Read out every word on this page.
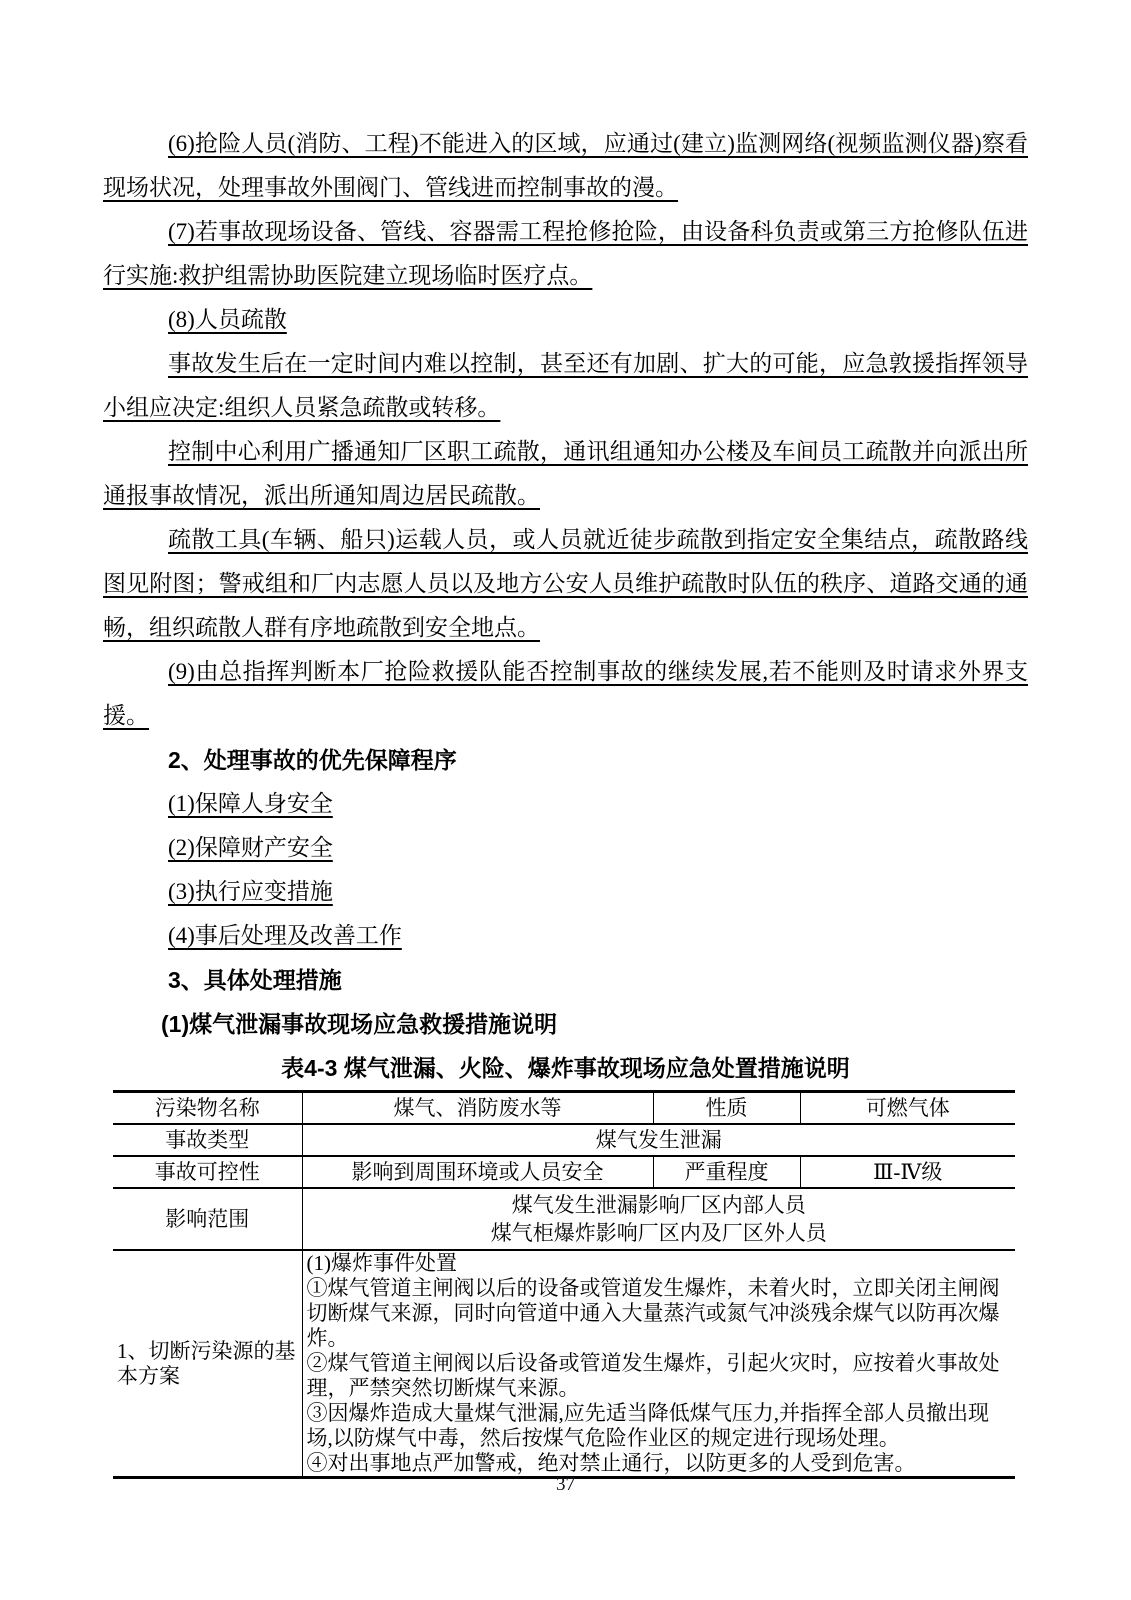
(6)抢险人员(消防、工程)不能进入的区域，应通过(建立)监测网络(视频监测仪器)察看现场状况，处理事故外围阀门、管线进而控制事故的漫。

(7)若事故现场设备、管线、容器需工程抢修抢险，由设备科负责或第三方抢修队伍进行实施:救护组需协助医院建立现场临时医疗点。

(8)人员疏散

事故发生后在一定时间内难以控制，甚至还有加剧、扩大的可能，应急敦援指挥领导小组应决定:组织人员紧急疏散或转移。

控制中心利用广播通知厂区职工疏散，通讯组通知办公楼及车间员工疏散并向派出所通报事故情况，派出所通知周边居民疏散。

疏散工具(车辆、船只)运载人员，或人员就近徒步疏散到指定安全集结点，疏散路线图见附图；警戒组和厂内志愿人员以及地方公安人员维护疏散时队伍的秩序、道路交通的通畅，组织疏散人群有序地疏散到安全地点。

(9)由总指挥判断本厂抢险救援队能否控制事故的继续发展,若不能则及时请求外界支援。

2、处理事故的优先保障程序

(1)保障人身安全

(2)保障财产安全

(3)执行应变措施

(4)事后处理及改善工作

3、具体处理措施

(1)煤气泄漏事故现场应急救援措施说明

表4-3 煤气泄漏、火险、爆炸事故现场应急处置措施说明
污染物名称	煤气、消防废水等	性质	可燃气体
事故类型	煤气发生泄漏		
事故可控性	影响到周围环境或人员安全	严重程度	Ⅲ-Ⅳ级
影响范围	煤气发生泄漏影响厂区内部人员
煤气柜爆炸影响厂区内及厂区外人员		

1、切断污染源的基本方案	(1)爆炸事件处置
①煤气管道主闸阀以后的设备或管道发生爆炸，未着火时，立即关闭主闸阀切断煤气来源，同时向管道中通入大量蒸汽或氮气冲淡残余煤气以防再次爆炸。
②煤气管道主闸阀以后设备或管道发生爆炸，引起火灾时，应按着火事故处理，严禁突然切断煤气来源。
③因爆炸造成大量煤气泄漏,应先适当降低煤气压力,并指挥全部人员撤出现场,以防煤气中毒，然后按煤气危险作业区的规定进行现场处理。
④对出事地点严加警戒，绝对禁止通行，以防更多的人受到危害。		
37
